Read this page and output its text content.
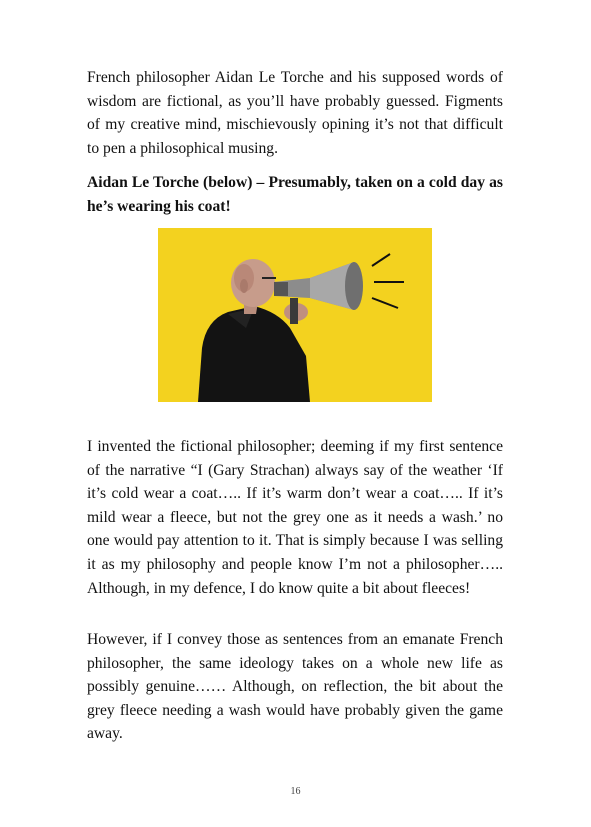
French philosopher Aidan Le Torche and his supposed words of wisdom are fictional, as you’ll have probably guessed. Figments of my creative mind, mischievously opining it’s not that difficult to pen a philosophical musing.

Aidan Le Torche (below) – Presumably, taken on a cold day as he’s wearing his coat!

I invented the fictional philosopher; deeming if my first sentence of the narrative “I (Gary Strachan) always say of the weather ‘If it’s cold wear a coat….. If it’s warm don’t wear a coat….. If it’s mild wear a fleece, but not the grey one as it needs a wash.’ no one would pay attention to it. That is simply because I was selling it as my philosophy and people know I’m not a philosopher….. Although, in my defence, I do know quite a bit about fleeces!

However, if I convey those as sentences from an emanate French philosopher, the same ideology takes on a whole new life as possibly genuine…… Although, on reflection, the bit about the grey fleece needing a wash would have probably given the game away.

16
